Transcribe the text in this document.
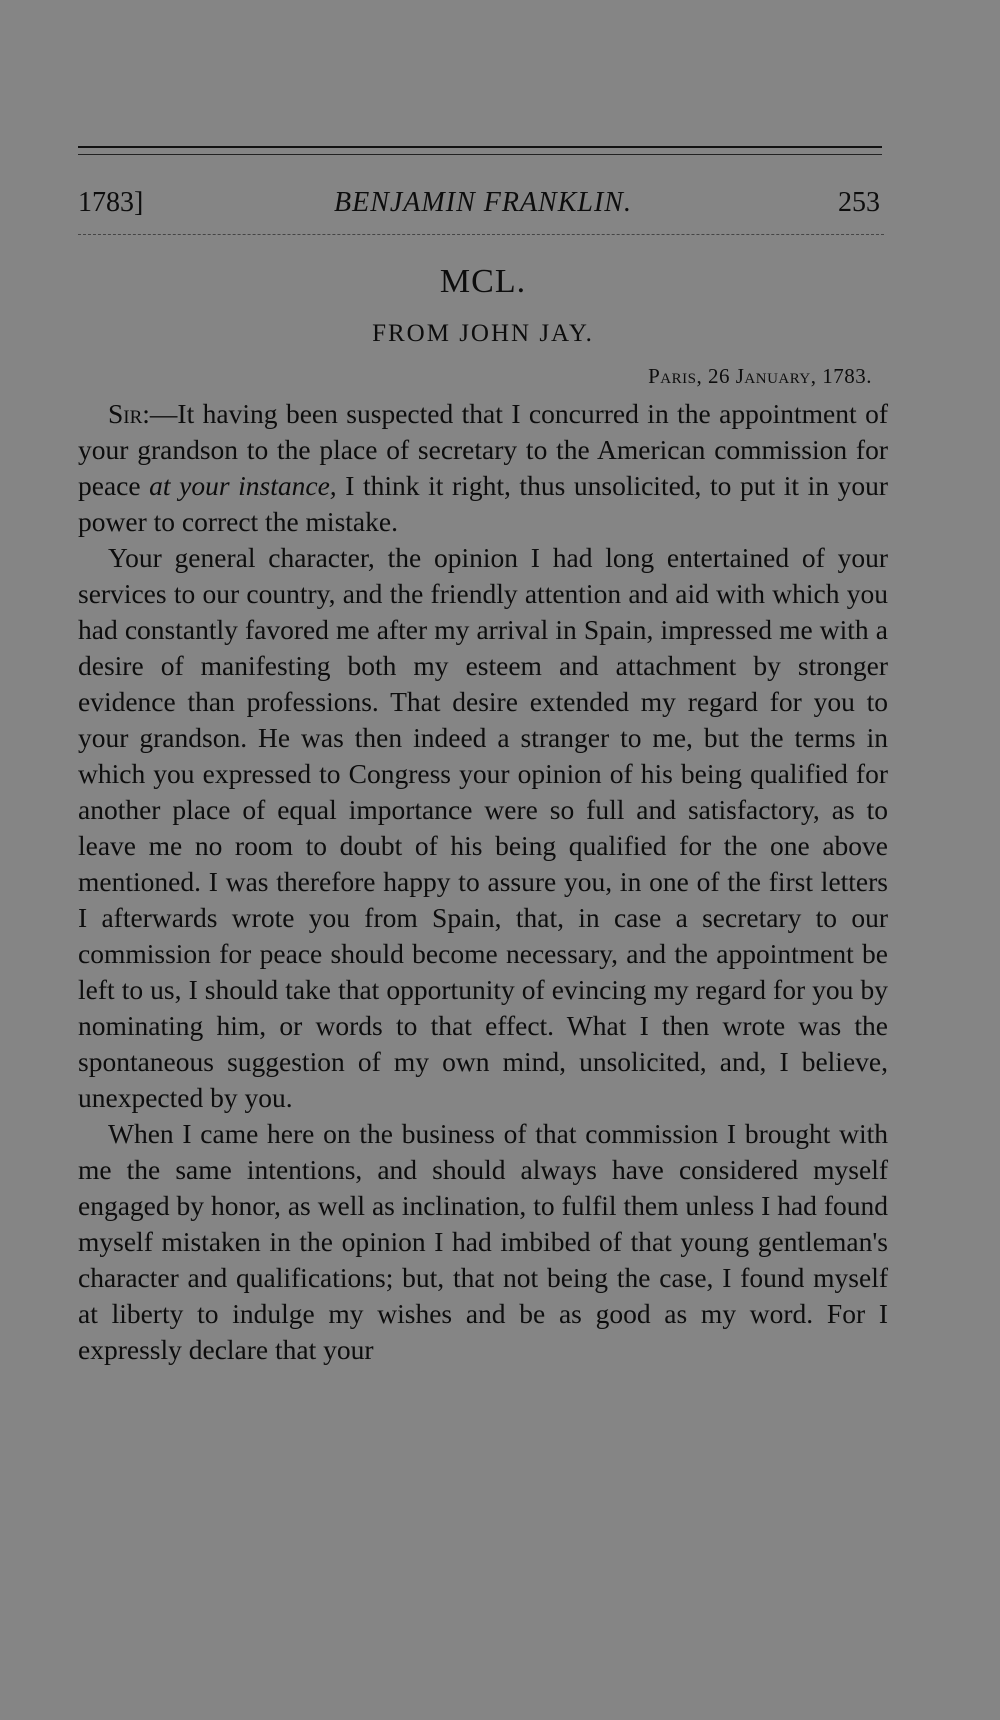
1783]	BENJAMIN FRANKLIN.	253
MCL.
FROM JOHN JAY.
Paris, 26 January, 1783.

Sir:—It having been suspected that I concurred in the appointment of your grandson to the place of secretary to the American commission for peace at your instance, I think it right, thus unsolicited, to put it in your power to correct the mistake.

Your general character, the opinion I had long entertained of your services to our country, and the friendly attention and aid with which you had constantly favored me after my arrival in Spain, impressed me with a desire of manifesting both my esteem and attachment by stronger evidence than professions. That desire extended my regard for you to your grandson. He was then indeed a stranger to me, but the terms in which you expressed to Congress your opinion of his being qualified for another place of equal importance were so full and satisfactory, as to leave me no room to doubt of his being qualified for the one above mentioned. I was therefore happy to assure you, in one of the first letters I afterwards wrote you from Spain, that, in case a secretary to our commission for peace should become necessary, and the appointment be left to us, I should take that opportunity of evincing my regard for you by nominating him, or words to that effect. What I then wrote was the spontaneous suggestion of my own mind, unsolicited, and, I believe, unexpected by you.

When I came here on the business of that commission I brought with me the same intentions, and should always have considered myself engaged by honor, as well as inclination, to fulfil them unless I had found myself mistaken in the opinion I had imbibed of that young gentleman's character and qualifications; but, that not being the case, I found myself at liberty to indulge my wishes and be as good as my word. For I expressly declare that your
